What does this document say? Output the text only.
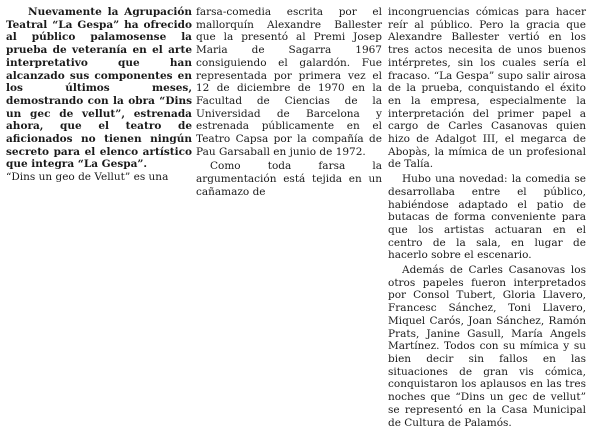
Nuevamente la Agrupación Teatral “La Gespa” ha ofrecido al público palamosense la prueba de veteranía en el arte interpretativo que han alcanzado sus componentes en los últimos meses, demostrando con la obra “Dins un gec de vellut”, estrenada ahora, que el teatro de aficionados no tienen ningún secreto para el elenco artístico que integra “La Gespa”.

“Dins un geo de Vellut” es una

farsa-comedia escrita por el mallorquín Alexandre Ballester que la presentó al Premi Josep Maria de Sagarra 1967 consiguiendo el galardón. Fue representada por primera vez el 12 de diciembre de 1970 en la Facultad de Ciencias de la Universidad de Barcelona y estrenada públicamente en el Teatro Capsa por la compañía de Pau Garsaball en junio de 1972.

Como toda farsa la argumentación está tejida en un cañamazo de

incongruencias cómicas para hacer reír al público. Pero la gracia que Alexandre Ballester vertió en los tres actos necesita de unos buenos intérpretes, sin los cuales sería el fracaso. “La Gespa” supo salir airosa de la prueba, conquistando el éxito en la empresa, especialmente la interpretación del primer papel a cargo de Carles Casanovas quien hizo de Adalgot III, el megarca de Abopàs, la mímica de un profesional de Talía.

Hubo una novedad: la comedia se desarrollaba entre el público, habiéndose adaptado el patio de butacas de forma conveniente para que los artistas actuaran en el centro de la sala, en lugar de hacerlo sobre el escenario.

Además de Carles Casanovas los otros papeles fueron interpretados por Consol Tubert, Gloria Llavero, Francesc Sánchez, Toni Llavero, Miquel Carós, Joan Sánchez, Ramón Prats, Janine Gasull, María Angels Martínez. Todos con su mímica y su bien decir sin fallos en las situaciones de gran vis cómica, conquistaron los aplausos en las tres noches que “Dins un gec de vellut” se representó en la Casa Municipal de Cultura de Palamós.
